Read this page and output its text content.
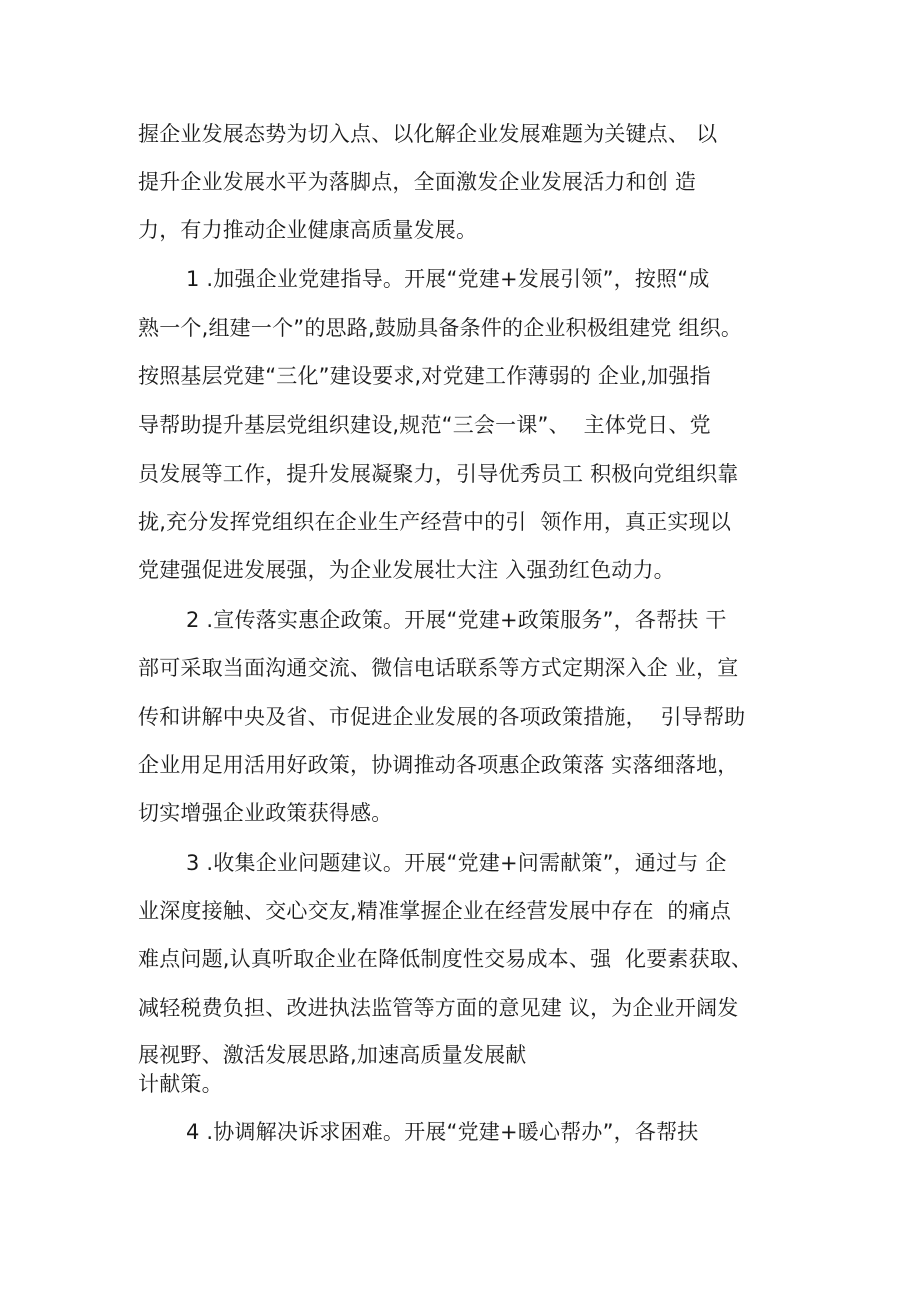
握企业发展态势为切入点、以化解企业发展难题为关键点、 以
提升企业发展水平为落脚点，全面激发企业发展活力和创 造
力，有力推动企业健康高质量发展。
1 .加强企业党建指导。开展“党建+发展引领”，按照“成
熟一个,组建一个”的思路,鼓励具备条件的企业积极组建党 组织。
按照基层党建“三化”建设要求,对党建工作薄弱的 企业,加强指
导帮助提升基层党组织建设,规范“三会一课”、  主体党日、党
员发展等工作，提升发展凝聚力，引导优秀员工 积极向党组织靠
拢,充分发挥党组织在企业生产经营中的引  领作用，真正实现以
党建强促进发展强，为企业发展壮大注 入强劲红色动力。
2 .宣传落实惠企政策。开展“党建+政策服务”，各帮扶 干
部可采取当面沟通交流、微信电话联系等方式定期深入企 业，宣
传和讲解中央及省、市促进企业发展的各项政策措施，  引导帮助
企业用足用活用好政策，协调推动各项惠企政策落 实落细落地，
切实增强企业政策获得感。
3 .收集企业问题建议。开展“党建+问需献策”，通过与 企
业深度接触、交心交友,精准掌握企业在经营发展中存在  的痛点
难点问题,认真听取企业在降低制度性交易成本、强  化要素获取、
减轻税费负担、改进执法监管等方面的意见建 议，为企业开阔发
展视野、激活发展思路,加速高质量发展献
计献策。
4 .协调解决诉求困难。开展“党建+暖心帮办”，各帮扶
